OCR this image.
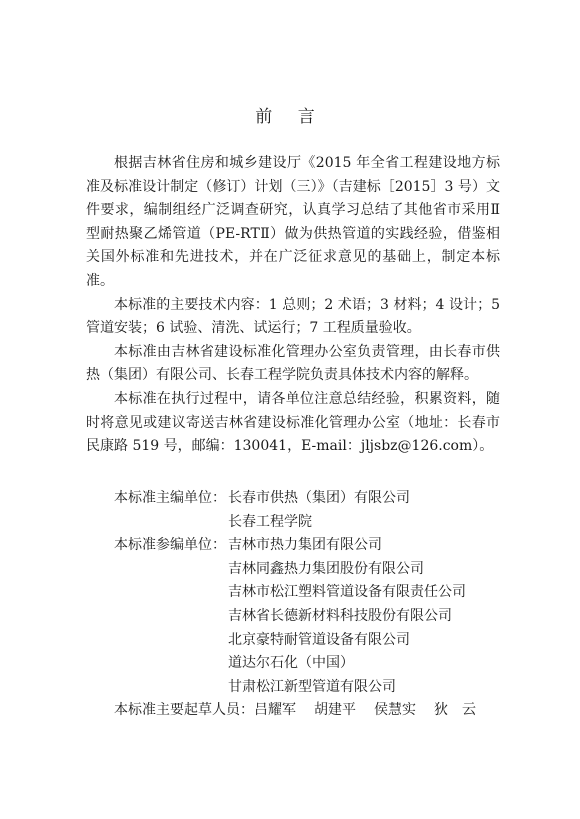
前 言

根据吉林省住房和城乡建设厅《2015 年全省工程建设地方标准及标准设计制定（修订）计划（三）》（吉建标［2015］3 号）文件要求，编制组经广泛调查研究，认真学习总结了其他省市采用Ⅱ型耐热聚乙烯管道（PE-RTⅡ）做为供热管道的实践经验，借鉴相关国外标准和先进技术，并在广泛征求意见的基础上，制定本标准。

本标准的主要技术内容：1 总则；2 术语；3 材料；4 设计；5 管道安装；6 试验、清洗、试运行；7 工程质量验收。

本标准由吉林省建设标准化管理办公室负责管理，由长春市供热（集团）有限公司、长春工程学院负责具体技术内容的解释。

本标准在执行过程中，请各单位注意总结经验，积累资料，随时将意见或建议寄送吉林省建设标准化管理办公室（地址：长春市民康路 519 号，邮编：130041，E-mail：jljsbz@126.com）。

本标准主编单位： 长春市供热（集团）有限公司
长春工程学院
本标准参编单位： 吉林市热力集团有限公司
吉林同鑫热力集团股份有限公司
吉林市松江塑料管道设备有限责任公司
吉林省长德新材料科技股份有限公司
北京豪特耐管道设备有限公司
道达尔石化（中国）
甘肃松江新型管道有限公司
本标准主要起草人员： 吕耀军 胡建平 侯慧实 狄　云
